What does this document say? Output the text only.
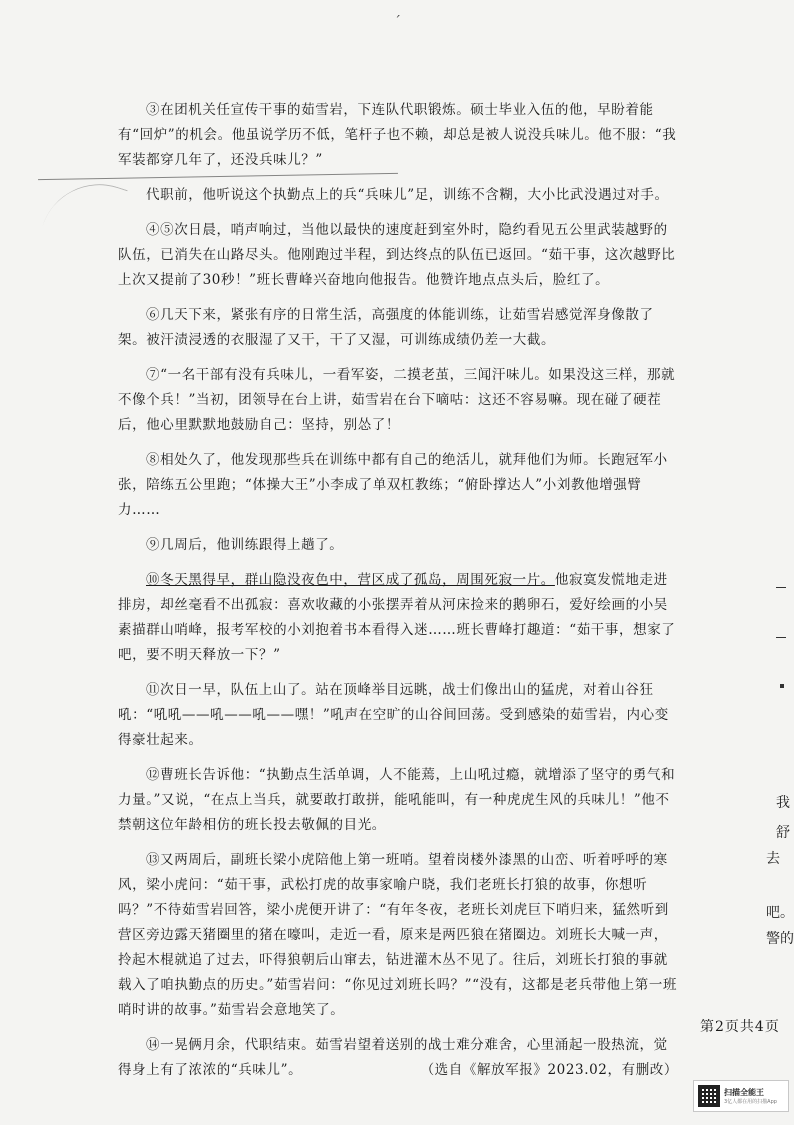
ˊ

③在团机关任宣传干事的茹雪岩，下连队代职锻炼。硕士毕业入伍的他，早盼着能有“回炉”的机会。他虽说学历不低，笔杆子也不赖，却总是被人说没兵味儿。他不服：“我军装都穿几年了，还没兵味儿？”

代职前，他听说这个执勤点上的兵“兵味儿”足，训练不含糊，大小比武没遇过对手。

④⑤次日晨，哨声响过，当他以最快的速度赶到室外时，隐约看见五公里武装越野的队伍，已消失在山路尽头。他刚跑过半程，到达终点的队伍已返回。“茹干事，这次越野比上次又提前了30秒！”班长曹峰兴奋地向他报告。他赞许地点点头后，脸红了。

⑥几天下来，紧张有序的日常生活，高强度的体能训练，让茹雪岩感觉浑身像散了架。被汗渍浸透的衣服湿了又干，干了又湿，可训练成绩仍差一大截。

⑦“一名干部有没有兵味儿，一看军姿，二摸老茧，三闻汗味儿。如果没这三样，那就不像个兵！”当初，团领导在台上讲，茹雪岩在台下嘀咕：这还不容易嘛。现在碰了硬茬后，他心里默默地鼓励自己：坚持，别怂了！

⑧相处久了，他发现那些兵在训练中都有自己的绝活儿，就拜他们为师。长跑冠军小张，陪练五公里跑；“体操大王”小李成了单双杠教练；“俯卧撑达人”小刘教他增强臂力……

⑨几周后，他训练跟得上趟了。

⑩冬天黑得早，群山隐没夜色中，营区成了孤岛，周围死寂一片。他寂寞发慌地走进排房，却丝毫看不出孤寂：喜欢收藏的小张摆弄着从河床捡来的鹅卵石，爱好绘画的小吴素描群山哨峰，报考军校的小刘抱着书本看得入迷……班长曹峰打趣道：“茹干事，想家了吧，要不明天释放一下？”

⑪次日一早，队伍上山了。站在顶峰举目远眺，战士们像出山的猛虎，对着山谷狂吼：“吼吼——吼——吼——嘿！”吼声在空旷的山谷间回荡。受到感染的茹雪岩，内心变得豪壮起来。

⑫曹班长告诉他：“执勤点生活单调，人不能蔫，上山吼过瘾，就增添了坚守的勇气和力量。”又说，“在点上当兵，就要敢打敢拼，能吼能叫，有一种虎虎生风的兵味儿！”他不禁朝这位年龄相仿的班长投去敬佩的目光。

⑬又两周后，副班长梁小虎陪他上第一班哨。望着岗楼外漆黑的山峦、听着呼呼的寒风，梁小虎问：“茹干事，武松打虎的故事家喻户晓，我们老班长打狼的故事，你想听吗？”不待茹雪岩回答，梁小虎便开讲了：“有年冬夜，老班长刘虎巨下哨归来，猛然听到营区旁边露天猪圈里的猪在嚎叫，走近一看，原来是两匹狼在猪圈边。刘班长大喊一声，拎起木棍就追了过去，吓得狼朝后山窜去，钻进灌木丛不见了。往后，刘班长打狼的事就载入了咱执勤点的历史。”茹雪岩问：“你见过刘班长吗？”“没有，这都是老兵带他上第一班哨时讲的故事。”茹雪岩会意地笑了。

⑭一晃俩月余，代职结束。茹雪岩望着送别的战士难分难舍，心里涌起一股热流，觉得身上有了浓浓的“兵味儿”。	（选自《解放军报》2023.02，有删改）

第2页共4页
我
舒
去
吧。
警的
扫描全能王
3亿人都在用的扫描App
